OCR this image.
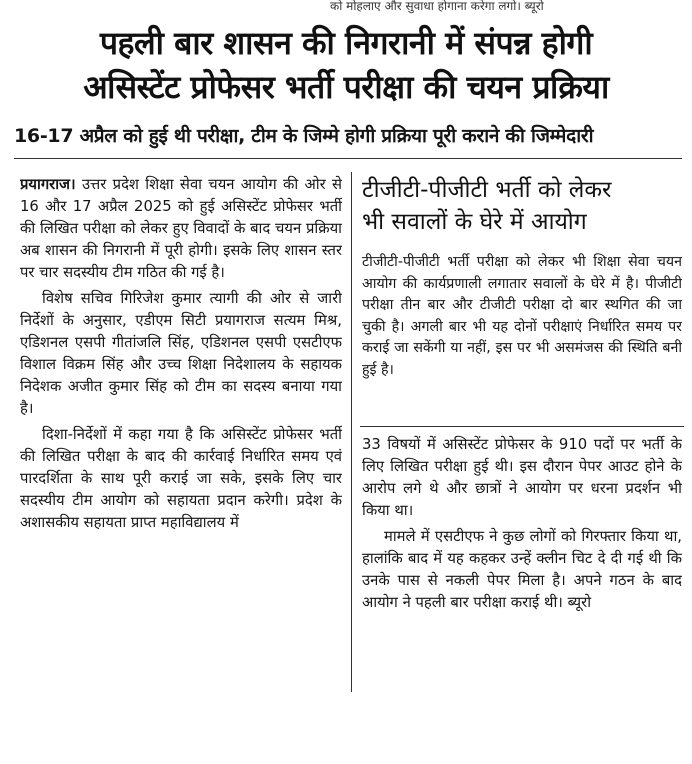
को मोहलाए और सुवाधा होगाना करेगा लगो। ब्यूरो
पहली बार शासन की निगरानी में संपन्न होगी
असिस्टेंट प्रोफेसर भर्ती परीक्षा की चयन प्रक्रिया
16-17 अप्रैल को हुई थी परीक्षा, टीम के जिम्मे होगी प्रक्रिया पूरी कराने की जिम्मेदारी

प्रयागराज। उत्तर प्रदेश शिक्षा सेवा चयन आयोग की ओर से 16 और 17 अप्रैल 2025 को हुई असिस्टेंट प्रोफेसर भर्ती की लिखित परीक्षा को लेकर हुए विवादों के बाद चयन प्रक्रिया अब शासन की निगरानी में पूरी होगी। इसके लिए शासन स्तर पर चार सदस्यीय टीम गठित की गई है।

विशेष सचिव गिरिजेश कुमार त्यागी की ओर से जारी निर्देशों के अनुसार, एडीएम सिटी प्रयागराज सत्यम मिश्र, एडिशनल एसपी गीतांजलि सिंह, एडिशनल एसपी एसटीएफ विशाल विक्रम सिंह और उच्च शिक्षा निदेशालय के सहायक निदेशक अजीत कुमार सिंह को टीम का सदस्य बनाया गया है।

दिशा-निर्देशों में कहा गया है कि असिस्टेंट प्रोफेसर भर्ती की लिखित परीक्षा के बाद की कार्रवाई निर्धारित समय एवं पारदर्शिता के साथ पूरी कराई जा सके, इसके लिए चार सदस्यीय टीम आयोग को सहायता प्रदान करेगी। प्रदेश के अशासकीय सहायता प्राप्त महाविद्यालय में

टीजीटी-पीजीटी भर्ती को लेकर
भी सवालों के घेरे में आयोग

टीजीटी-पीजीटी भर्ती परीक्षा को लेकर भी शिक्षा सेवा चयन आयोग की कार्यप्रणाली लगातार सवालों के घेरे में है। पीजीटी परीक्षा तीन बार और टीजीटी परीक्षा दो बार स्थगित की जा चुकी है। अगली बार भी यह दोनों परीक्षाएं निर्धारित समय पर कराई जा सकेंगी या नहीं, इस पर भी असमंजस की स्थिति बनी हुई है।

33 विषयों में असिस्टेंट प्रोफेसर के 910 पदों पर भर्ती के लिए लिखित परीक्षा हुई थी। इस दौरान पेपर आउट होने के आरोप लगे थे और छात्रों ने आयोग पर धरना प्रदर्शन भी किया था।

मामले में एसटीएफ ने कुछ लोगों को गिरफ्तार किया था, हालांकि बाद में यह कहकर उन्हें क्लीन चिट दे दी गई थी कि उनके पास से नकली पेपर मिला है। अपने गठन के बाद आयोग ने पहली बार परीक्षा कराई थी। ब्यूरो
